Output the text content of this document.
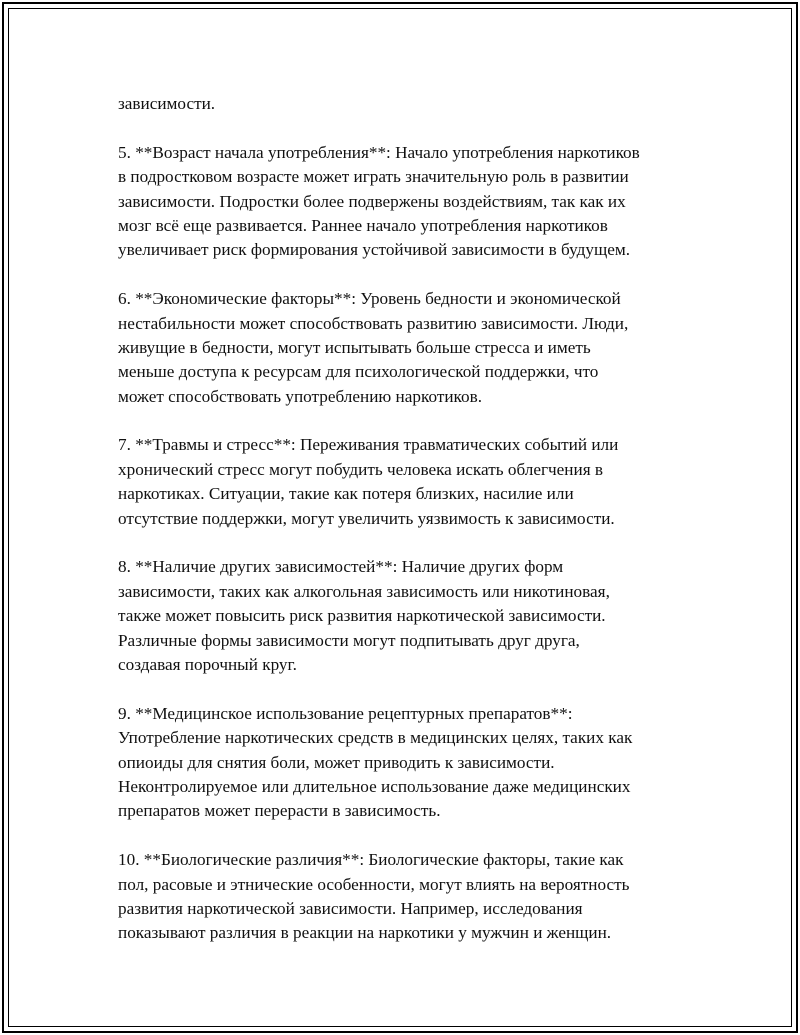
зависимости.
5. **Возраст начала употребления**: Начало употребления наркотиков
в подростковом возрасте может играть значительную роль в развитии
зависимости. Подростки более подвержены воздействиям, так как их
мозг всё еще развивается. Раннее начало употребления наркотиков
увеличивает риск формирования устойчивой зависимости в будущем.
6. **Экономические факторы**: Уровень бедности и экономической
нестабильности может способствовать развитию зависимости. Люди,
живущие в бедности, могут испытывать больше стресса и иметь
меньше доступа к ресурсам для психологической поддержки, что
может способствовать употреблению наркотиков.
7. **Травмы и стресс**: Переживания травматических событий или
хронический стресс могут побудить человека искать облегчения в
наркотиках. Ситуации, такие как потеря близких, насилие или
отсутствие поддержки, могут увеличить уязвимость к зависимости.
8. **Наличие других зависимостей**: Наличие других форм
зависимости, таких как алкогольная зависимость или никотиновая,
также может повысить риск развития наркотической зависимости.
Различные формы зависимости могут подпитывать друг друга,
создавая порочный круг.
9. **Медицинское использование рецептурных препаратов**:
Употребление наркотических средств в медицинских целях, таких как
опиоиды для снятия боли, может приводить к зависимости.
Неконтролируемое или длительное использование даже медицинских
препаратов может перерасти в зависимость.
10. **Биологические различия**: Биологические факторы, такие как
пол, расовые и этнические особенности, могут влиять на вероятность
развития наркотической зависимости. Например, исследования
показывают различия в реакции на наркотики у мужчин и женщин.
